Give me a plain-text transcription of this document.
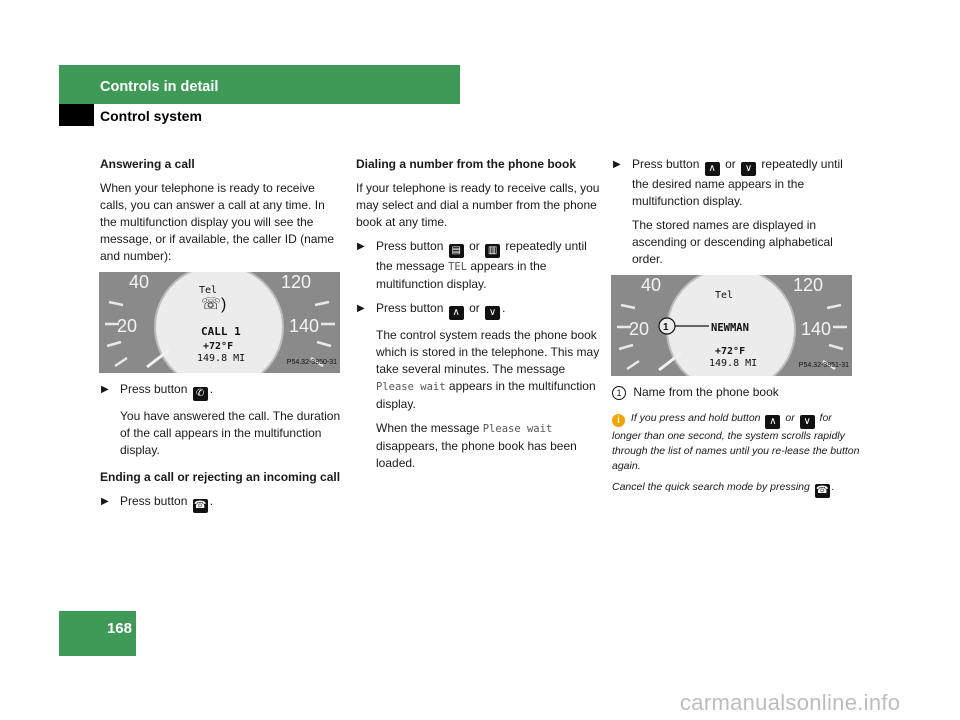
Controls in detail
Control system

Answering a call

When your telephone is ready to receive calls, you can answer a call at any time. In the multifunction display you will see the message, or if available, the caller ID (name and number):

40
20
120
140
Tel
☏)
CALL 1
+72°F
149.8 MI	P54.32-3850-31
▶ Press button ✆ .

You have answered the call. The duration of the call appears in the multifunction display.

Ending a call or rejecting an incoming call

▶ Press button ☎ .

Dialing a number from the phone book

If your telephone is ready to receive calls, you may select and dial a number from the phone book at any time.

▶ Press button ▤ or ▥ repeatedly until the message TEL appears in the multifunction display.
▶ Press button ∧ or ∨ .

The control system reads the phone book which is stored in the telephone. This may take several minutes. The message Please wait appears in the multifunction display.

When the message Please wait disappears, the phone book has been loaded.

▶ Press button ∧ or ∨ repeatedly until the desired name appears in the multifunction display.

The stored names are displayed in ascending or descending alphabetical order.

40
20
120
140
1
Tel
NEWMAN
+72°F
149.8 MI	P54.32-3851-31
1 Name from the phone book

i If you press and hold button ∧ or ∨ for longer than one second, the system scrolls rapidly through the list of names until you re-lease the button again.

Cancel the quick search mode by pressing ☎ .

168
carmanualsonline.info
